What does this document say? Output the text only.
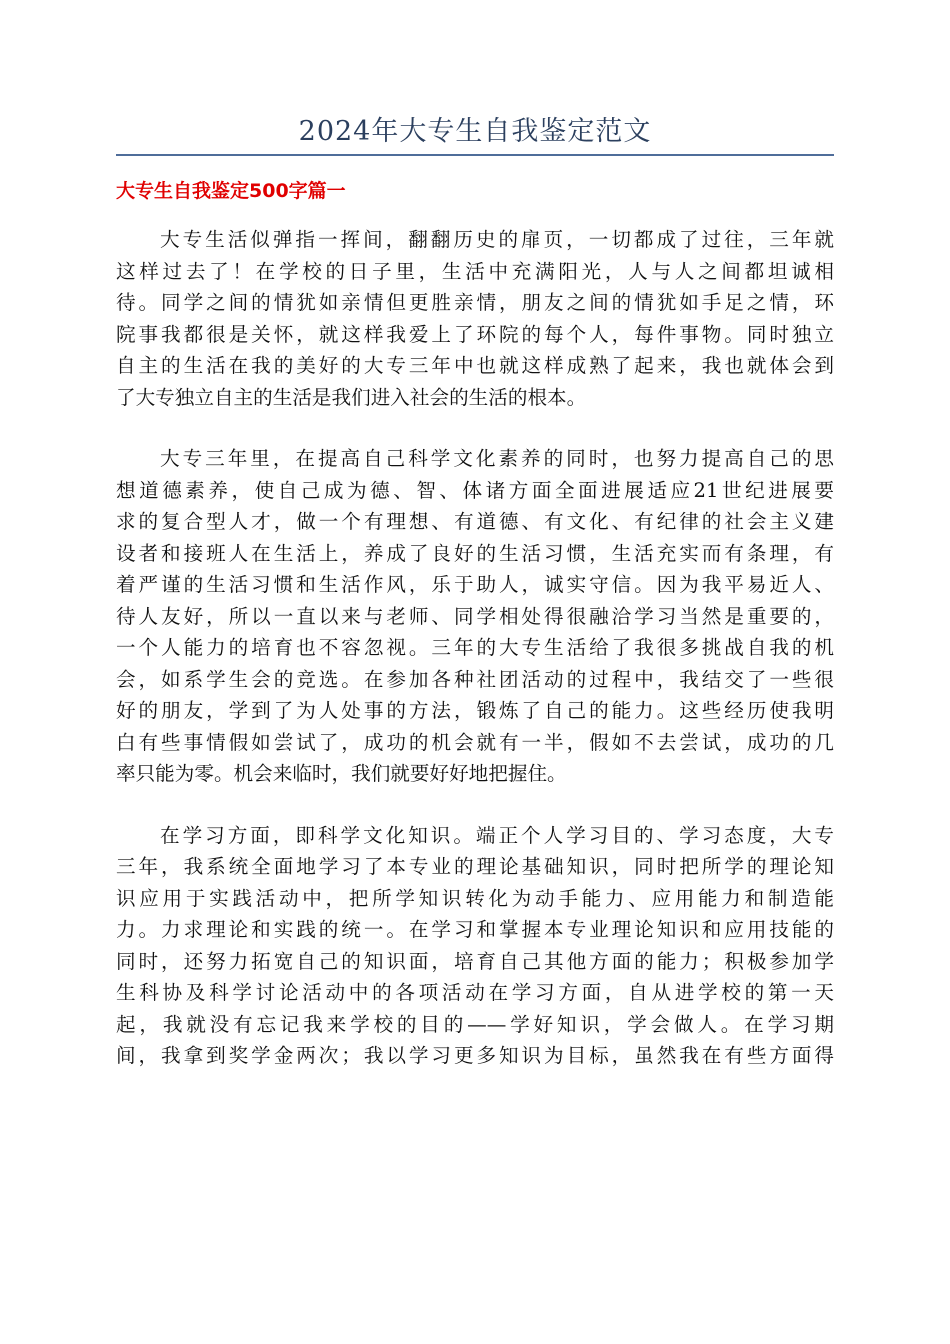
2024年大专生自我鉴定范文
大专生自我鉴定500字篇一
大专生活似弹指一挥间，翻翻历史的扉页，一切都成了过往，三年就
这样过去了！在学校的日子里，生活中充满阳光，人与人之间都坦诚相
待。同学之间的情犹如亲情但更胜亲情，朋友之间的情犹如手足之情，环
院事我都很是关怀，就这样我爱上了环院的每个人，每件事物。同时独立
自主的生活在我的美好的大专三年中也就这样成熟了起来，我也就体会到
了大专独立自主的生活是我们进入社会的生活的根本。
大专三年里，在提高自己科学文化素养的同时，也努力提高自己的思
想道德素养，使自己成为德、智、体诸方面全面进展适应21世纪进展要
求的复合型人才，做一个有理想、有道德、有文化、有纪律的社会主义建
设者和接班人在生活上，养成了良好的生活习惯，生活充实而有条理，有
着严谨的生活习惯和生活作风，乐于助人，诚实守信。因为我平易近人、
待人友好，所以一直以来与老师、同学相处得很融洽学习当然是重要的，
一个人能力的培育也不容忽视。三年的大专生活给了我很多挑战自我的机
会，如系学生会的竞选。在参加各种社团活动的过程中，我结交了一些很
好的朋友，学到了为人处事的方法，锻炼了自己的能力。这些经历使我明
白有些事情假如尝试了，成功的机会就有一半，假如不去尝试，成功的几
率只能为零。机会来临时，我们就要好好地把握住。
在学习方面，即科学文化知识。端正个人学习目的、学习态度，大专
三年，我系统全面地学习了本专业的理论基础知识，同时把所学的理论知
识应用于实践活动中，把所学知识转化为动手能力、应用能力和制造能
力。力求理论和实践的统一。在学习和掌握本专业理论知识和应用技能的
同时，还努力拓宽自己的知识面，培育自己其他方面的能力；积极参加学
生科协及科学讨论活动中的各项活动在学习方面，自从进学校的第一天
起，我就没有忘记我来学校的目的——学好知识，学会做人。在学习期
间，我拿到奖学金两次；我以学习更多知识为目标，虽然我在有些方面得
